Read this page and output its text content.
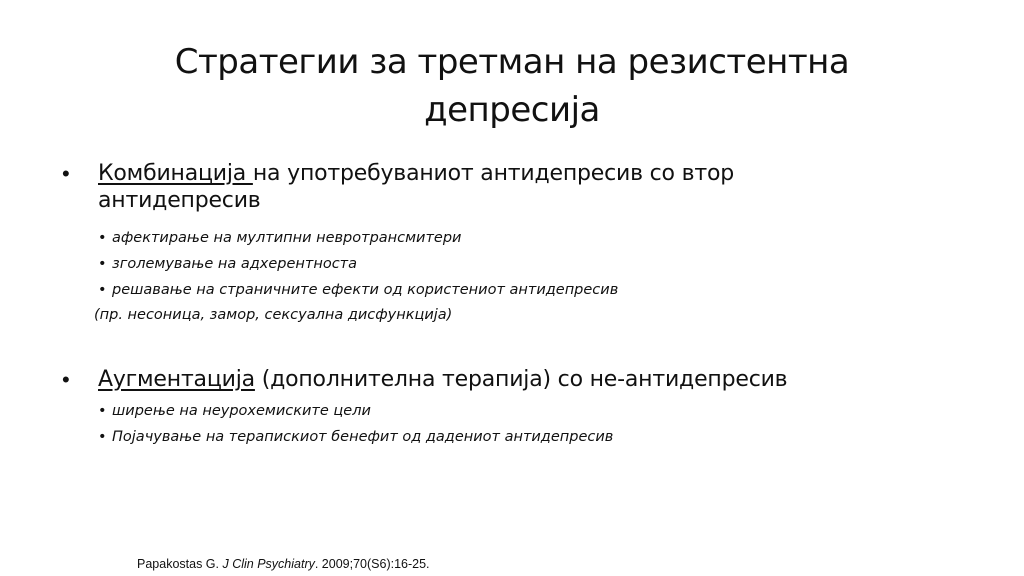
Стратегии за третман на резистентна
депресија
• Комбинација на употребуваниот антидепресив со втор
антидепресив
• афектирање на мултипни невротрансмитери
• зголемување на адхерентноста
• решавање на страничните ефекти од користениот антидепресив
(пр. несоница, замор, сексуална дисфункција)
• Аугментација (дополнителна терапија) со не-антидепресив
• ширење на неурохемиските цели
• Појачување на терапискиот бенефит од дадениот антидепресив
Papakostas G. J Clin Psychiatry. 2009;70(S6):16-25.
